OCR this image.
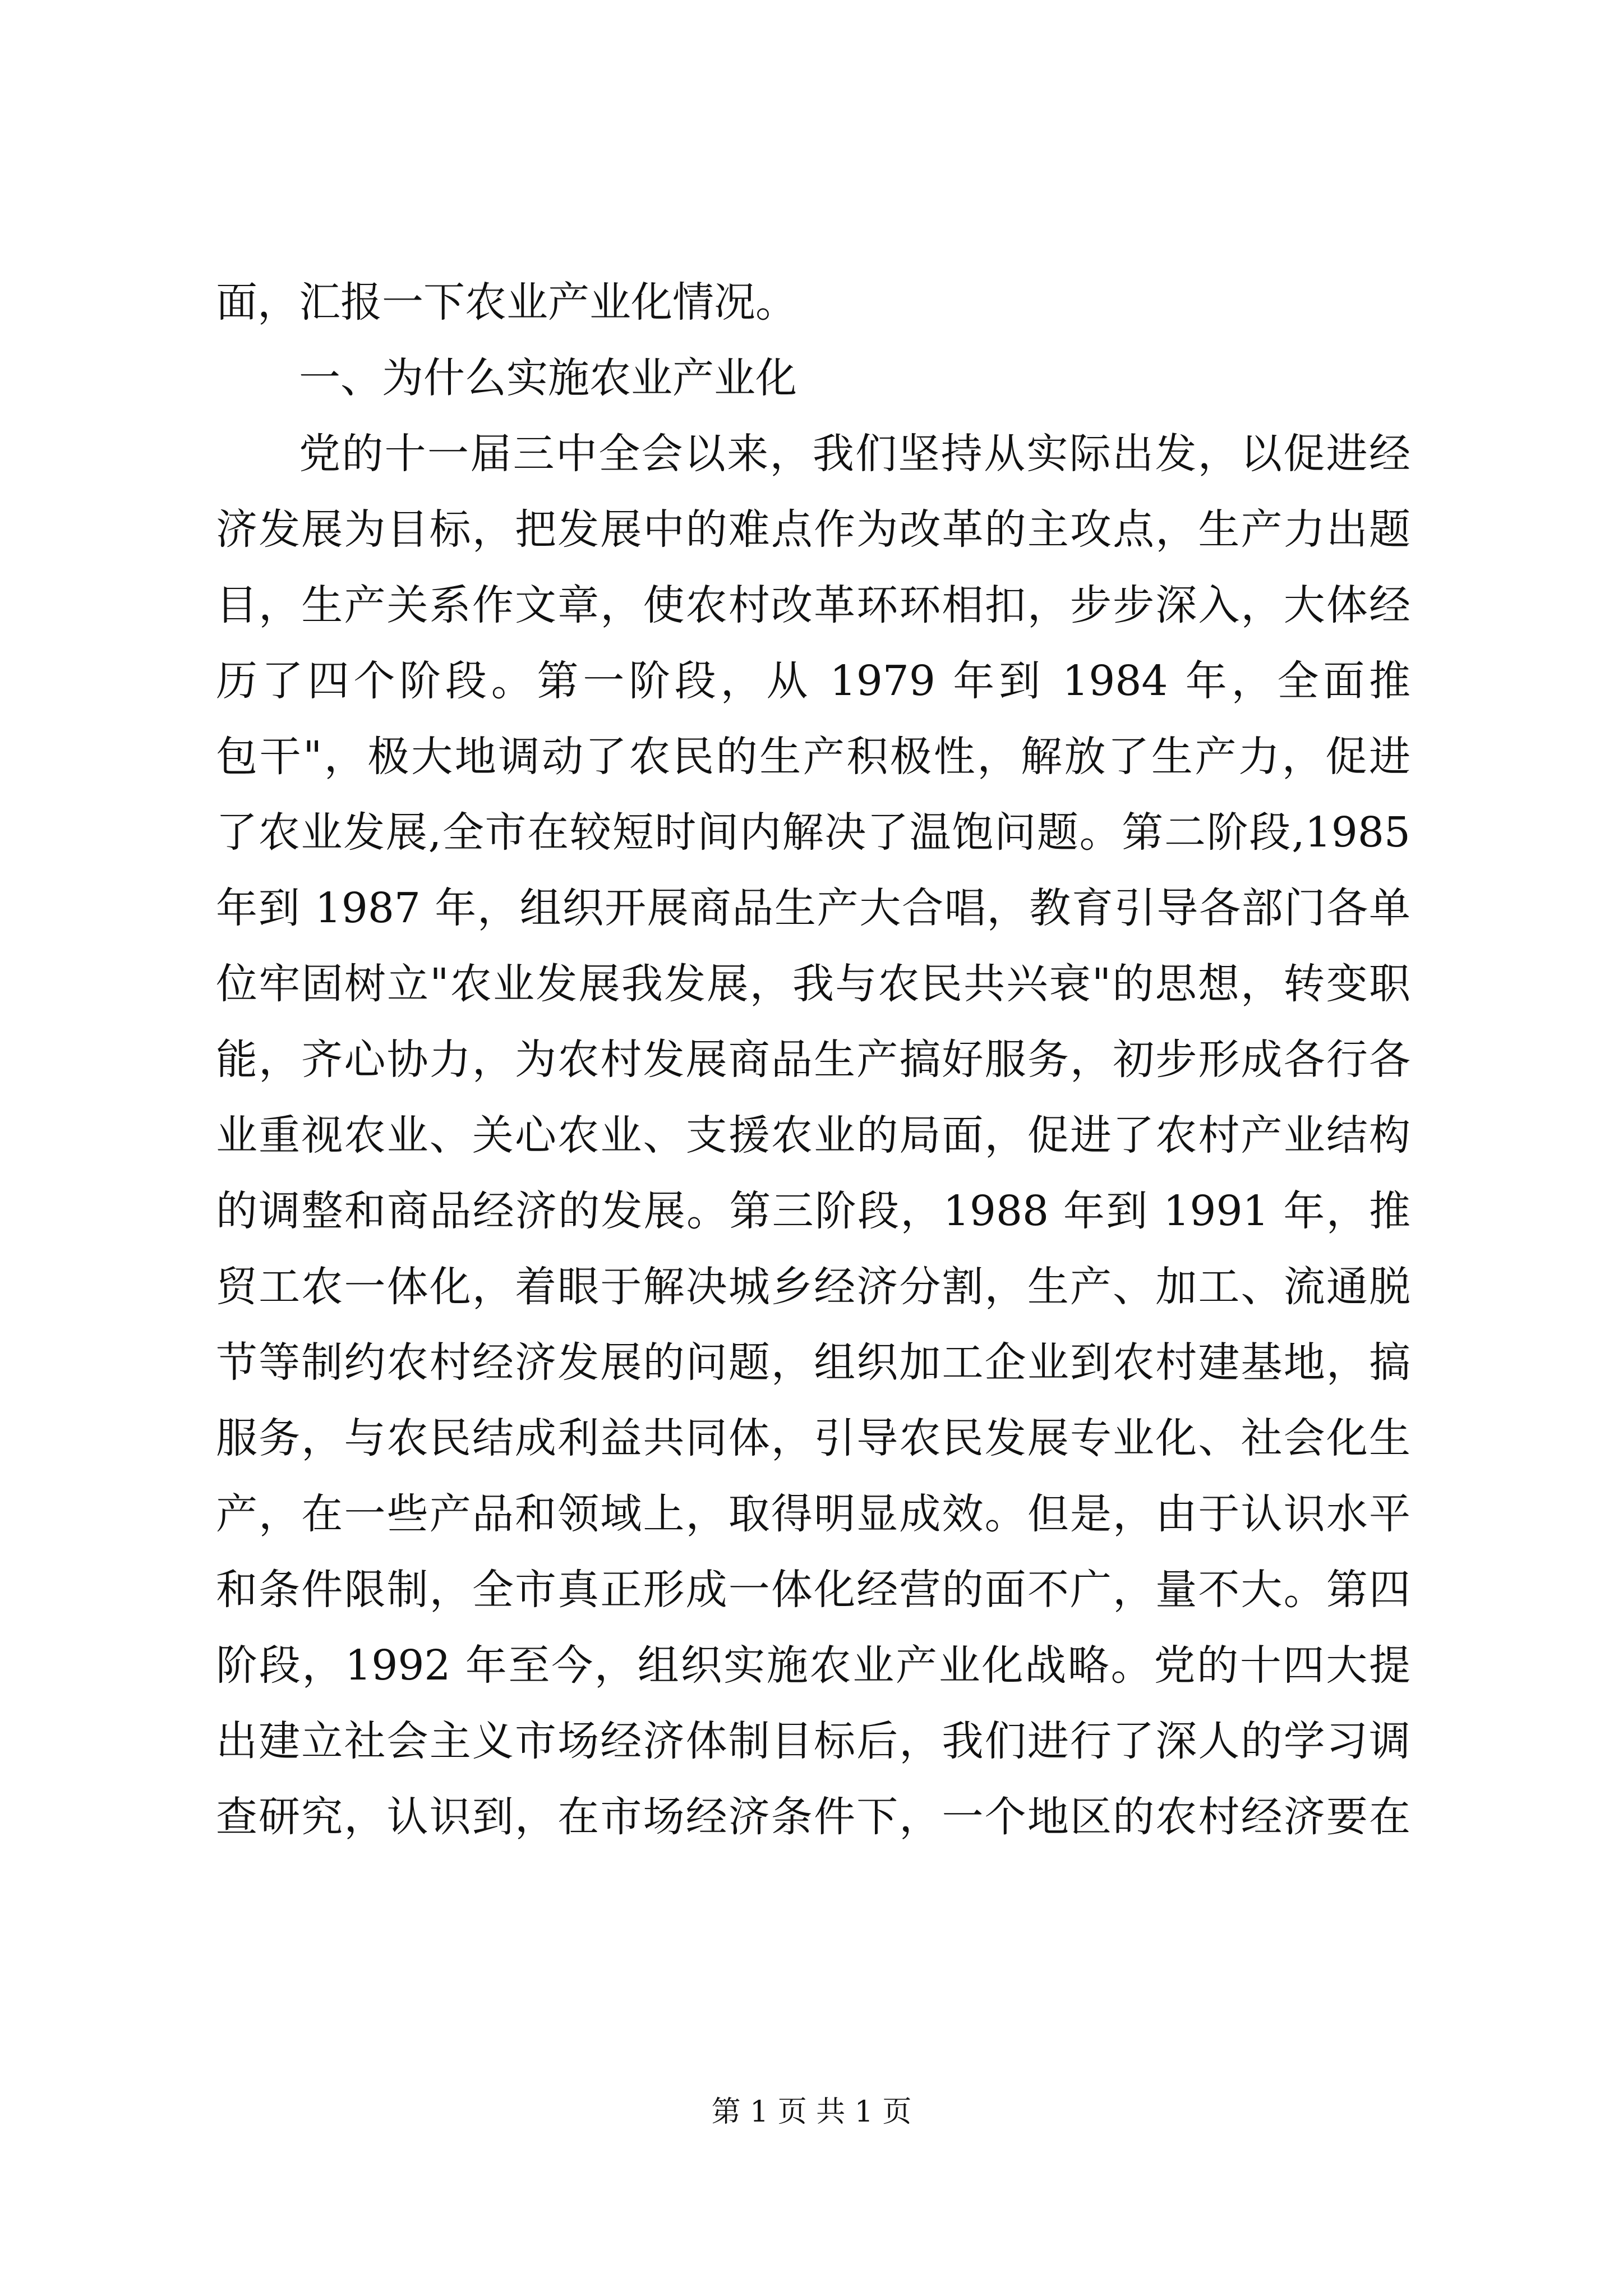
面，汇报一下农业产业化情况。
一、为什么实施农业产业化
党的十一届三中全会以来，我们坚持从实际出发，以促进经
济发展为目标，把发展中的难点作为改革的主攻点，生产力出题
目，生产关系作文章，使农村改革环环相扣，步步深入，大体经
历了四个阶段。第一阶段，从 1979 年到 1984 年，全面推
包干"，极大地调动了农民的生产积极性，解放了生产力，促进
了农业发展,全市在较短时间内解决了温饱问题。第二阶段,1985
年到 1987 年，组织开展商品生产大合唱，教育引导各部门各单
位牢固树立"农业发展我发展，我与农民共兴衰"的思想，转变职
能，齐心协力，为农村发展商品生产搞好服务，初步形成各行各
业重视农业、关心农业、支援农业的局面，促进了农村产业结构
的调整和商品经济的发展。第三阶段，1988 年到 1991 年，推
贸工农一体化，着眼于解决城乡经济分割，生产、加工、流通脱
节等制约农村经济发展的问题，组织加工企业到农村建基地，搞
服务，与农民结成利益共同体，引导农民发展专业化、社会化生
产，在一些产品和领域上，取得明显成效。但是，由于认识水平
和条件限制，全市真正形成一体化经营的面不广，量不大。第四
阶段，1992 年至今，组织实施农业产业化战略。党的十四大提
出建立社会主义市场经济体制目标后，我们进行了深人的学习调
查研究，认识到，在市场经济条件下，一个地区的农村经济要在
第 1 页 共 1 页
